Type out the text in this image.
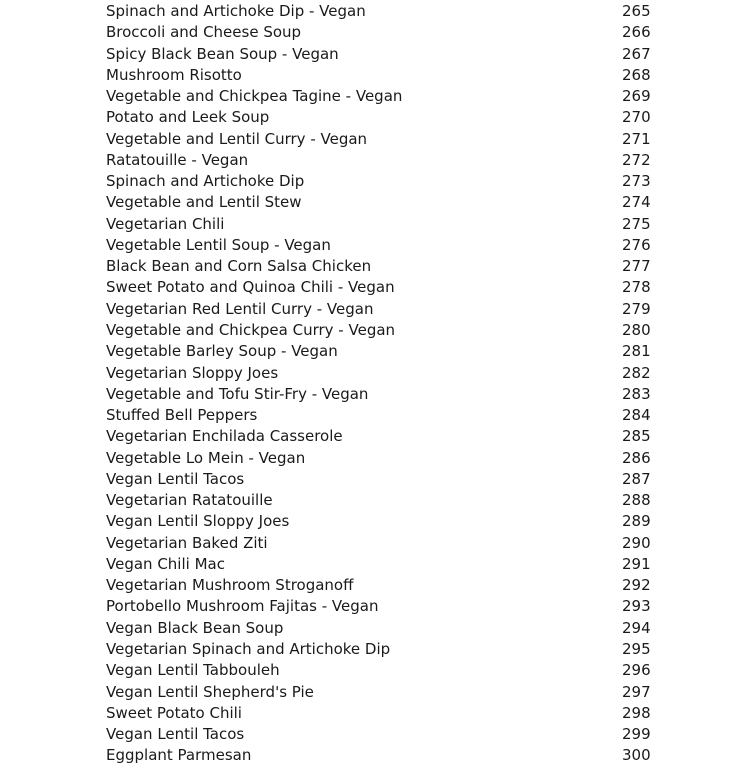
Spinach and Artichoke Dip - Vegan	265
Broccoli and Cheese Soup	266
Spicy Black Bean Soup - Vegan	267
Mushroom Risotto	268
Vegetable and Chickpea Tagine - Vegan	269
Potato and Leek Soup	270
Vegetable and Lentil Curry - Vegan	271
Ratatouille - Vegan	272
Spinach and Artichoke Dip	273
Vegetable and Lentil Stew	274
Vegetarian Chili	275
Vegetable Lentil Soup - Vegan	276
Black Bean and Corn Salsa Chicken	277
Sweet Potato and Quinoa Chili - Vegan	278
Vegetarian Red Lentil Curry - Vegan	279
Vegetable and Chickpea Curry - Vegan	280
Vegetable Barley Soup - Vegan	281
Vegetarian Sloppy Joes	282
Vegetable and Tofu Stir-Fry - Vegan	283
Stuffed Bell Peppers	284
Vegetarian Enchilada Casserole	285
Vegetable Lo Mein - Vegan	286
Vegan Lentil Tacos	287
Vegetarian Ratatouille	288
Vegan Lentil Sloppy Joes	289
Vegetarian Baked Ziti	290
Vegan Chili Mac	291
Vegetarian Mushroom Stroganoff	292
Portobello Mushroom Fajitas - Vegan	293
Vegan Black Bean Soup	294
Vegetarian Spinach and Artichoke Dip	295
Vegan Lentil Tabbouleh	296
Vegan Lentil Shepherd's Pie	297
Sweet Potato Chili	298
Vegan Lentil Tacos	299
Eggplant Parmesan	300
